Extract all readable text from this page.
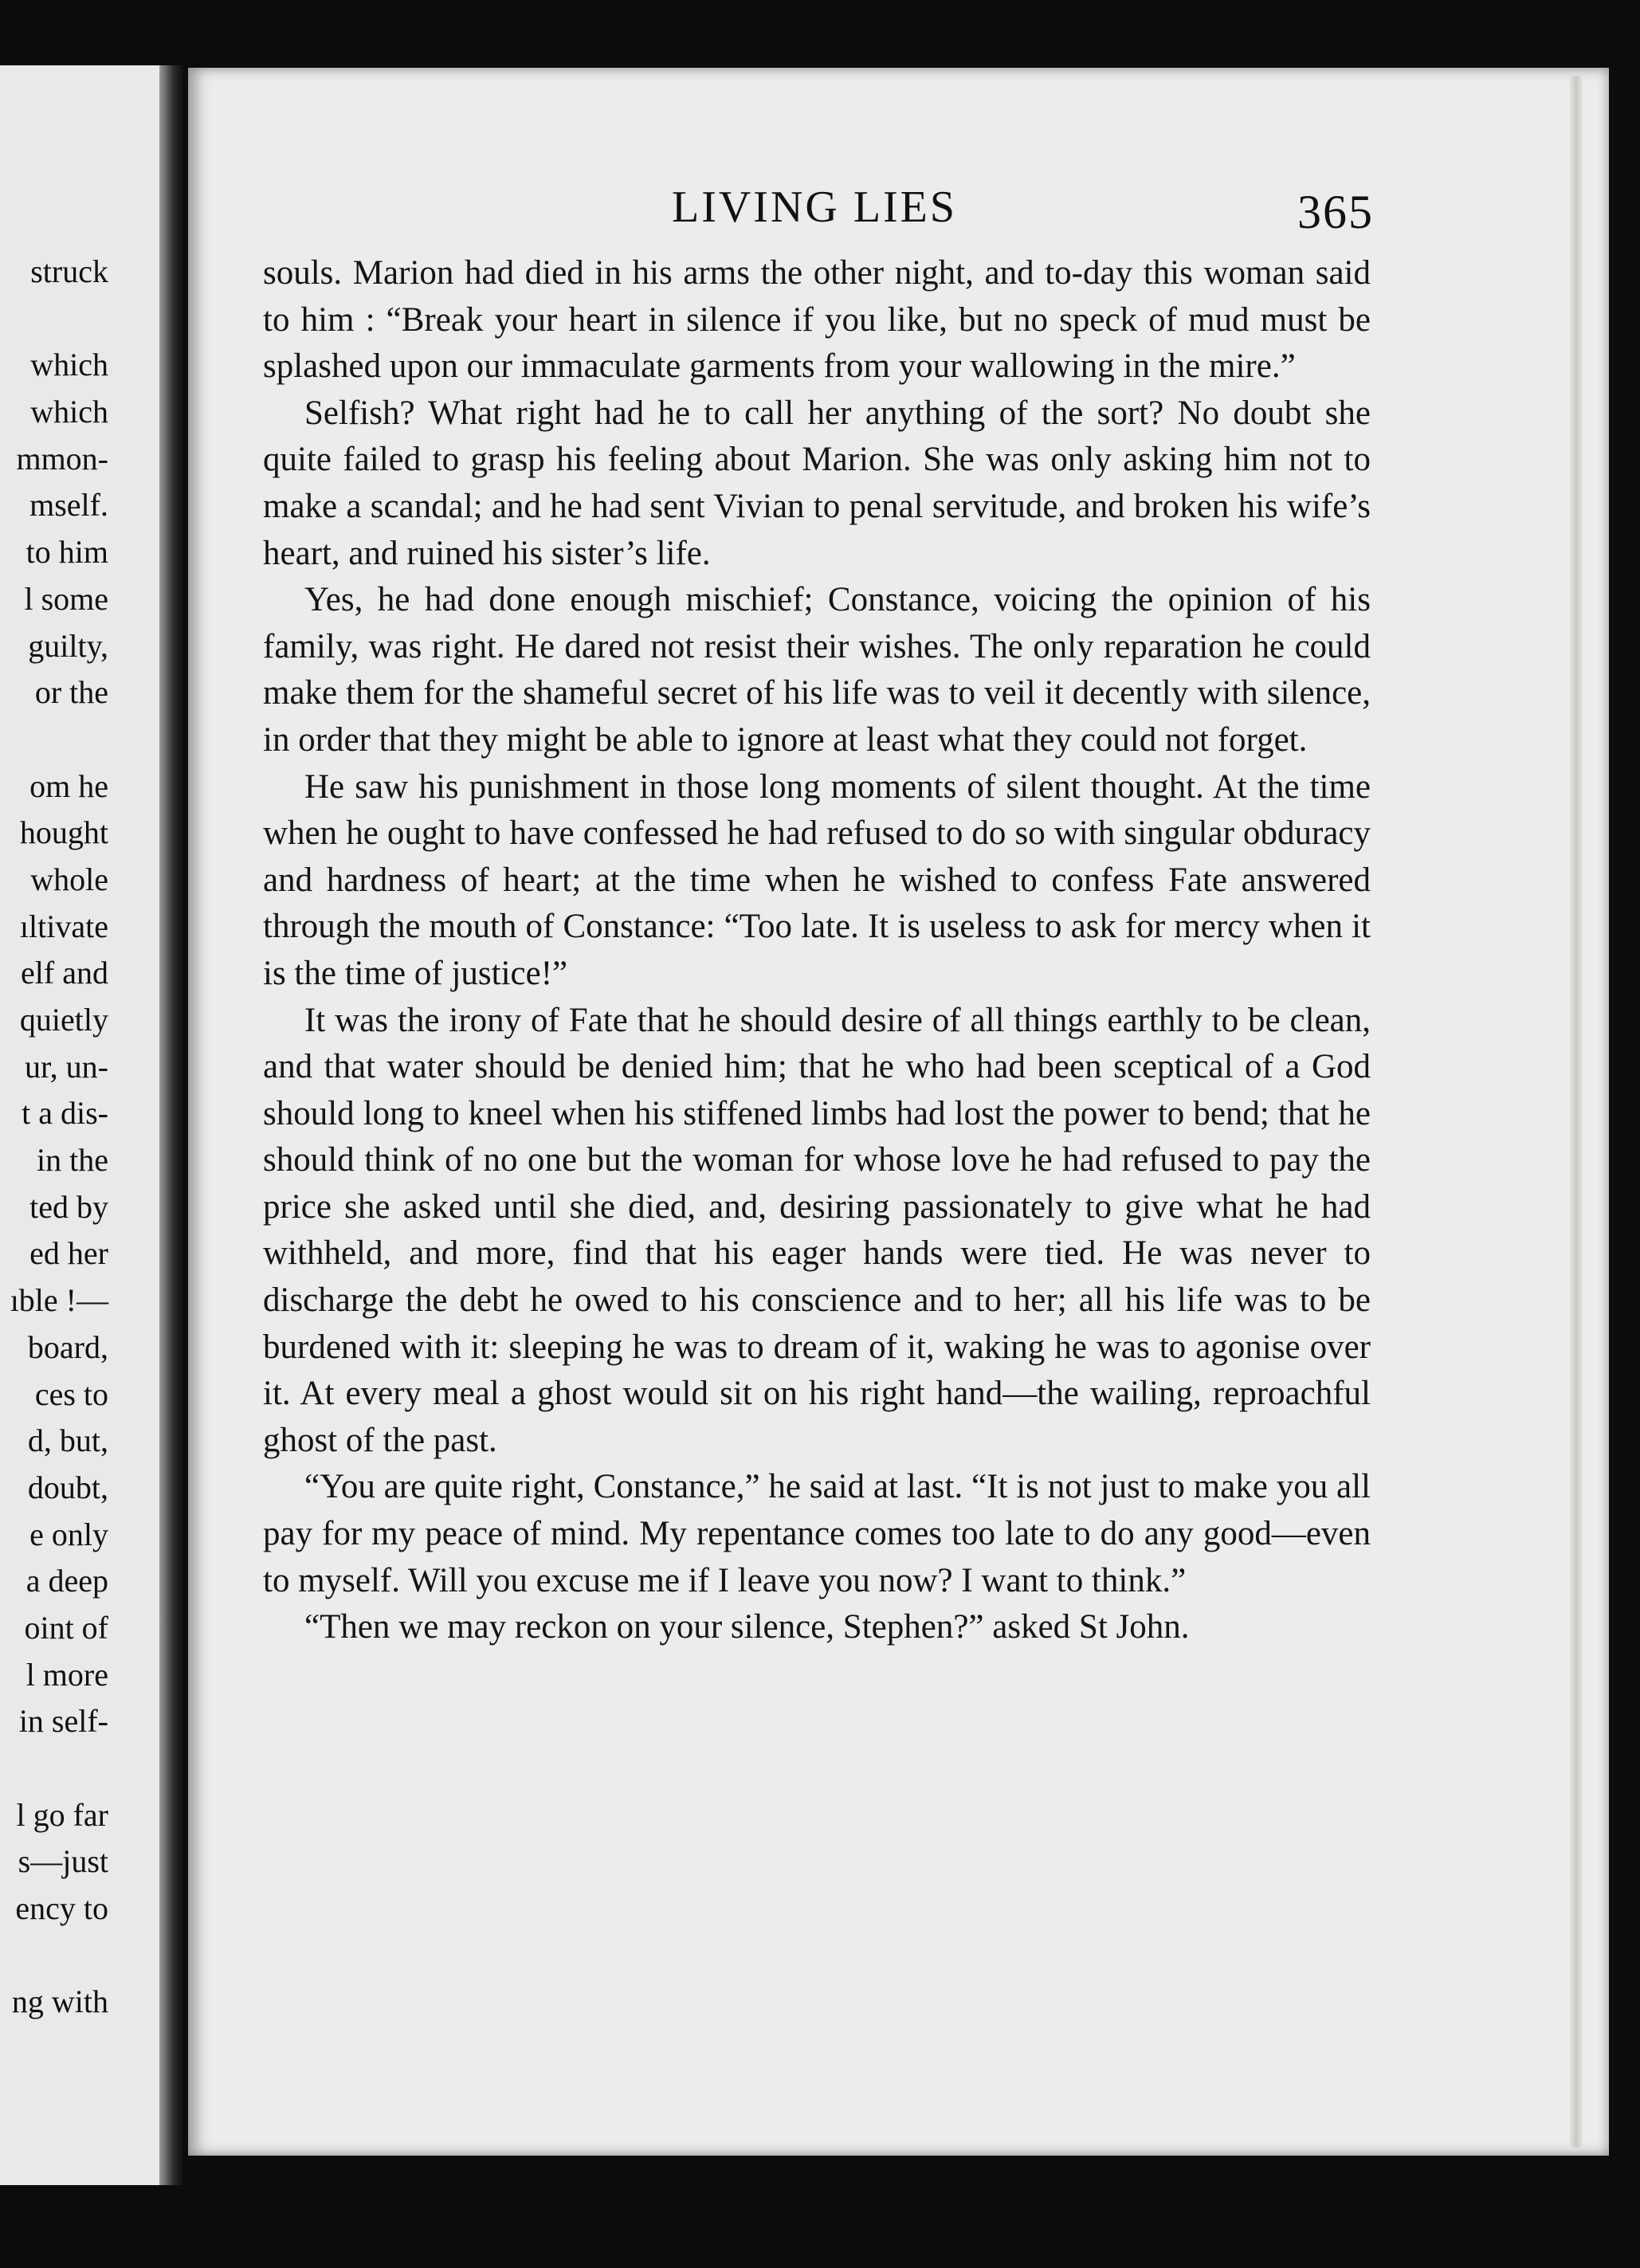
struck
which
which
mmon-
mself.
to him
l some
guilty,
or the
om he
hought
whole
ıltivate
elf and
quietly
ur, un-
t a dis-
in the
ted by
ed her
ıble !—
board,
ces to
d, but,
doubt,
e only
a deep
oint of
l more
in self-
l go far
s—just
ency to
ng with
LIVING LIES	365

souls. Marion had died in his arms the other night, and to-day this woman said to him : “Break your heart in silence if you like, but no speck of mud must be splashed upon our immaculate garments from your wallowing in the mire.”

Selfish? What right had he to call her anything of the sort? No doubt she quite failed to grasp his feeling about Marion. She was only asking him not to make a scandal; and he had sent Vivian to penal servitude, and broken his wife’s heart, and ruined his sister’s life.

Yes, he had done enough mischief; Constance, voicing the opinion of his family, was right. He dared not resist their wishes. The only reparation he could make them for the shameful secret of his life was to veil it decently with silence, in order that they might be able to ignore at least what they could not forget.

He saw his punishment in those long moments of silent thought. At the time when he ought to have confessed he had refused to do so with singular obduracy and hardness of heart; at the time when he wished to confess Fate answered through the mouth of Constance: “Too late. It is useless to ask for mercy when it is the time of justice!”

It was the irony of Fate that he should desire of all things earthly to be clean, and that water should be denied him; that he who had been sceptical of a God should long to kneel when his stiffened limbs had lost the power to bend; that he should think of no one but the woman for whose love he had refused to pay the price she asked until she died, and, desiring passionately to give what he had withheld, and more, find that his eager hands were tied. He was never to discharge the debt he owed to his conscience and to her; all his life was to be burdened with it: sleeping he was to dream of it, waking he was to agonise over it. At every meal a ghost would sit on his right hand—the wailing, reproachful ghost of the past.

“You are quite right, Constance,” he said at last. “It is not just to make you all pay for my peace of mind. My repentance comes too late to do any good—even to myself. Will you excuse me if I leave you now? I want to think.”

“Then we may reckon on your silence, Stephen?” asked St John.
